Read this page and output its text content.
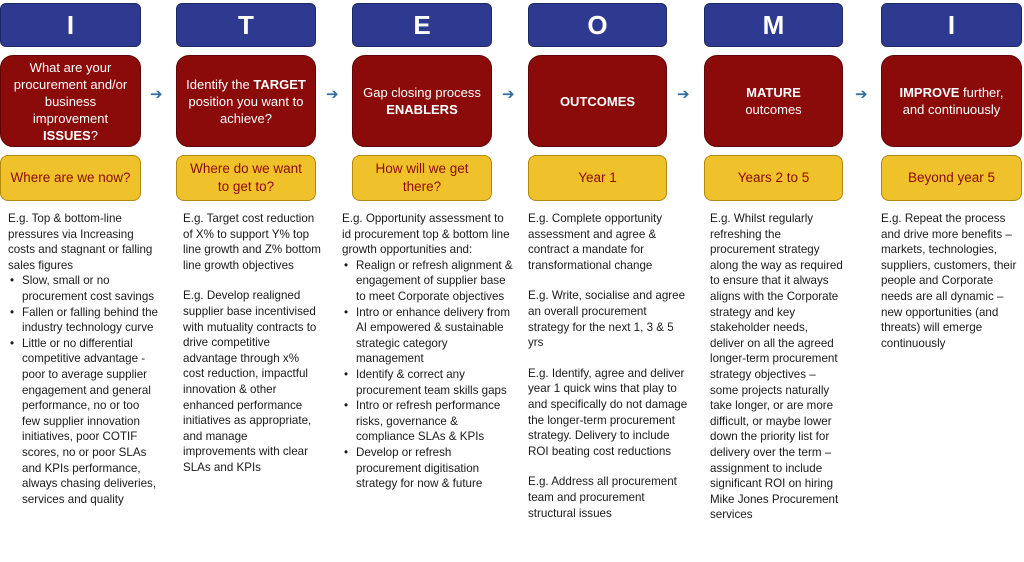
I
What are your procurement and/or business improvement ISSUES?
Where are we now?

E.g. Top & bottom-line pressures via Increasing costs and stagnant or falling sales figures

• Slow, small or no procurement cost savings
• Fallen or falling behind the industry technology curve
• Little or no differential competitive advantage - poor to average supplier engagement and general performance, no or too few supplier innovation initiatives, poor COTIF scores, no or poor SLAs and KPIs performance, always chasing deliveries, services and quality
➔
T
Identify the TARGET position you want to achieve?
Where do we want to get to?

E.g. Target cost reduction of X% to support Y% top line growth and Z% bottom line growth objectives

E.g. Develop realigned supplier base incentivised with mutuality contracts to drive competitive advantage through x% cost reduction, impactful innovation & other enhanced performance initiatives as appropriate, and manage improvements with clear SLAs and KPIs

➔
E
Gap closing process
ENABLERS
How will we get there?

E.g. Opportunity assessment to id procurement top & bottom line growth opportunities and:

• Realign or refresh alignment & engagement of supplier base to meet Corporate objectives
• Intro or enhance delivery from AI empowered & sustainable strategic category management
• Identify & correct any procurement team skills gaps
• Intro or refresh performance risks, governance & compliance SLAs & KPIs
• Develop or refresh procurement digitisation strategy for now & future
➔
O
OUTCOMES
Year 1

E.g. Complete opportunity assessment and agree & contract a mandate for transformational change

E.g. Write, socialise and agree an overall procurement strategy for the next 1, 3 & 5 yrs

E.g. Identify, agree and deliver year 1 quick wins that play to and specifically do not damage the longer-term procurement strategy. Delivery to include ROI beating cost reductions

E.g. Address all procurement team and procurement structural issues

➔
M
MATURE
outcomes
Years 2 to 5

E.g. Whilst regularly refreshing the procurement strategy along the way as required to ensure that it always aligns with the Corporate strategy and key stakeholder needs, deliver on all the agreed longer-term procurement strategy objectives – some projects naturally take longer, or are more difficult, or maybe lower down the priority list for delivery over the term – assignment to include significant ROI on hiring Mike Jones Procurement services

➔
I
IMPROVE further, and continuously
Beyond year 5

E.g. Repeat the process and drive more benefits – markets, technologies, suppliers, customers, their people and Corporate needs are all dynamic – new opportunities (and threats) will emerge continuously
